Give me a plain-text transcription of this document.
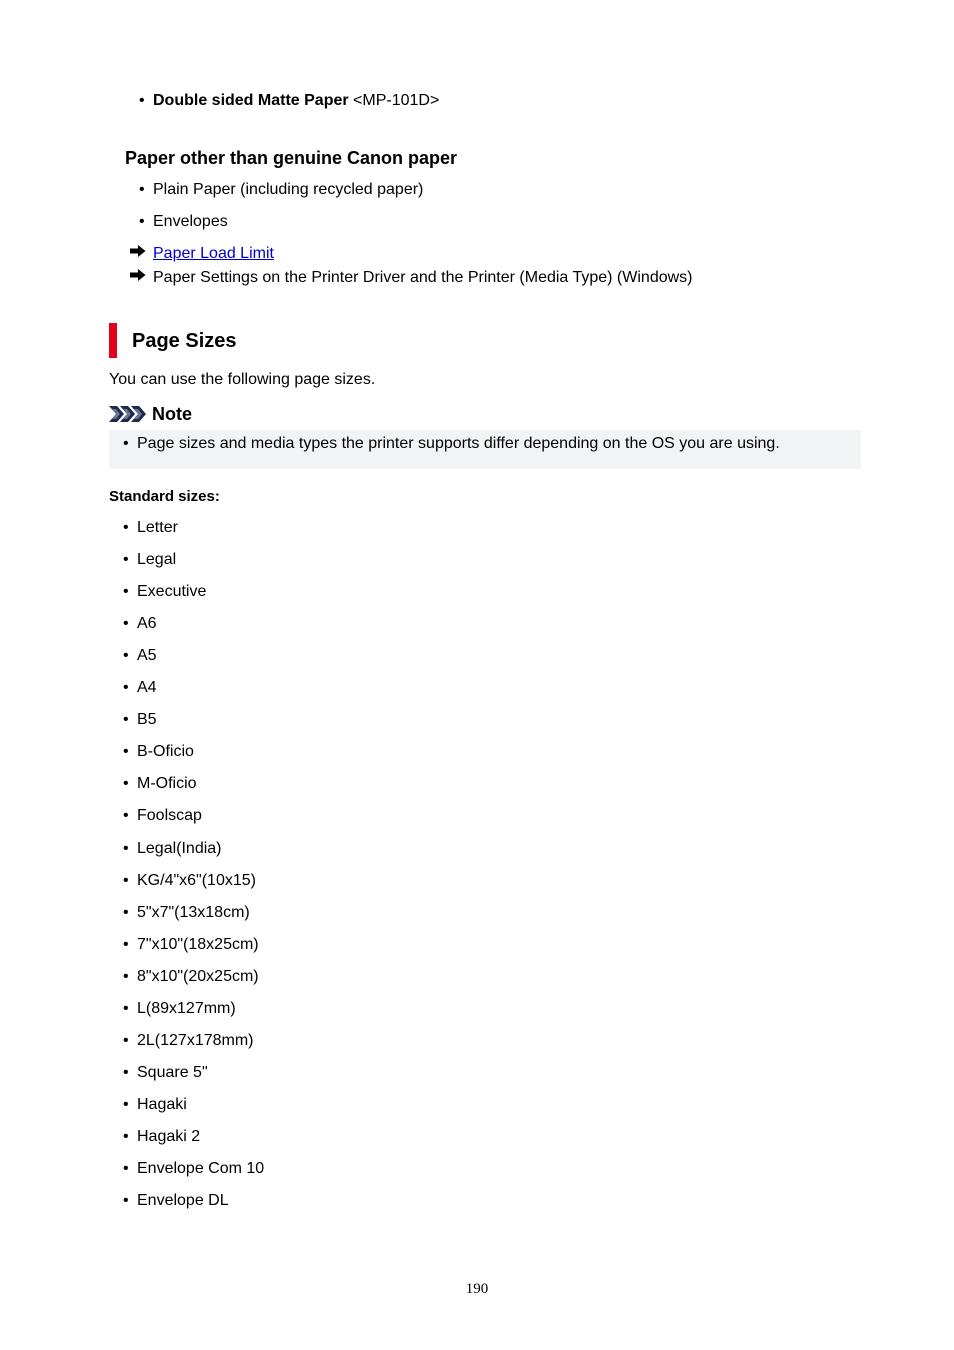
• Double sided Matte Paper <MP-101D>
Paper other than genuine Canon paper
• Plain Paper (including recycled paper)
• Envelopes
Paper Load Limit
Paper Settings on the Printer Driver and the Printer (Media Type) (Windows)
Page Sizes
You can use the following page sizes.
Note
• Page sizes and media types the printer supports differ depending on the OS you are using.
Standard sizes:
• Letter
• Legal
• Executive
• A6
• A5
• A4
• B5
• B-Oficio
• M-Oficio
• Foolscap
• Legal(India)
• KG/4"x6"(10x15)
• 5"x7"(13x18cm)
• 7"x10"(18x25cm)
• 8"x10"(20x25cm)
• L(89x127mm)
• 2L(127x178mm)
• Square 5"
• Hagaki
• Hagaki 2
• Envelope Com 10
• Envelope DL
190
